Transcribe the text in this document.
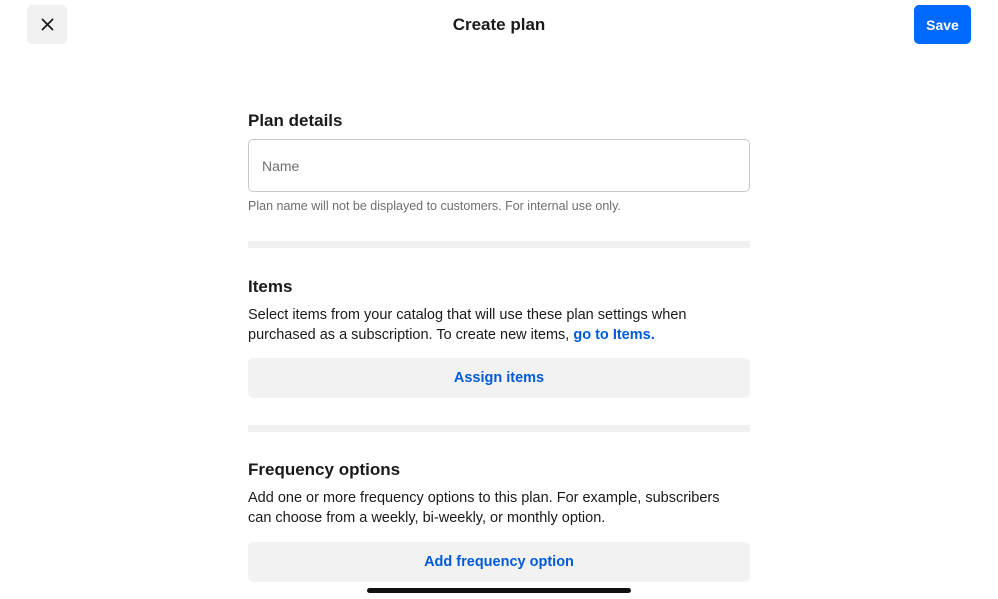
Create plan	Save
Plan details
Name
Plan name will not be displayed to customers. For internal use only.
Items
Select items from your catalog that will use these plan settings when purchased as a subscription. To create new items, go to Items.
Assign items
Frequency options
Add one or more frequency options to this plan. For example, subscribers can choose from a weekly, bi-weekly, or monthly option.
Add frequency option
